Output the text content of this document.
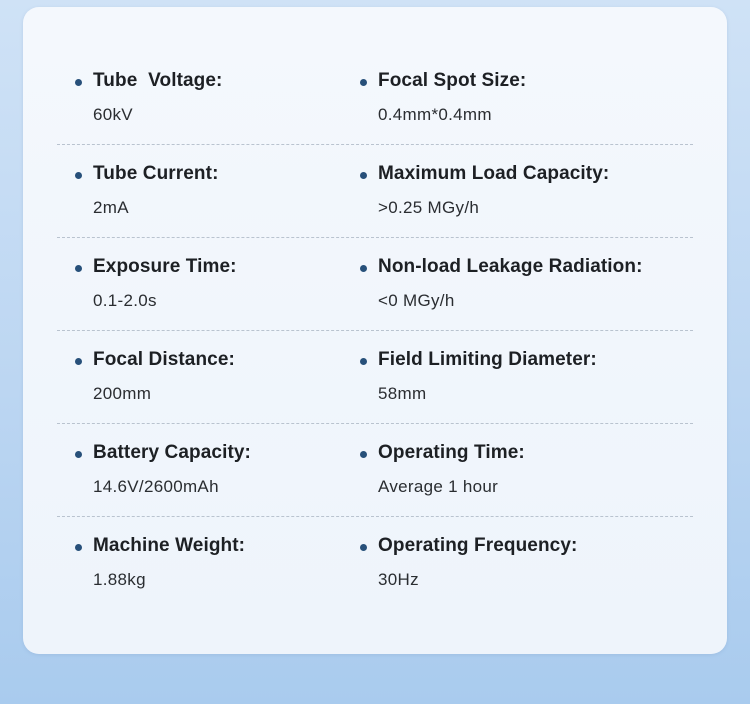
Tube  Voltage:
60kV
Focal Spot Size:
0.4mm*0.4mm
Tube Current:
2mA
Maximum Load Capacity:
>0.25 MGy/h
Exposure Time:
0.1-2.0s
Non-load Leakage Radiation:
<0 MGy/h
Focal Distance:
200mm
Field Limiting Diameter:
58mm
Battery Capacity:
14.6V/2600mAh
Operating Time:
Average 1 hour
Machine Weight:
1.88kg
Operating Frequency:
30Hz
